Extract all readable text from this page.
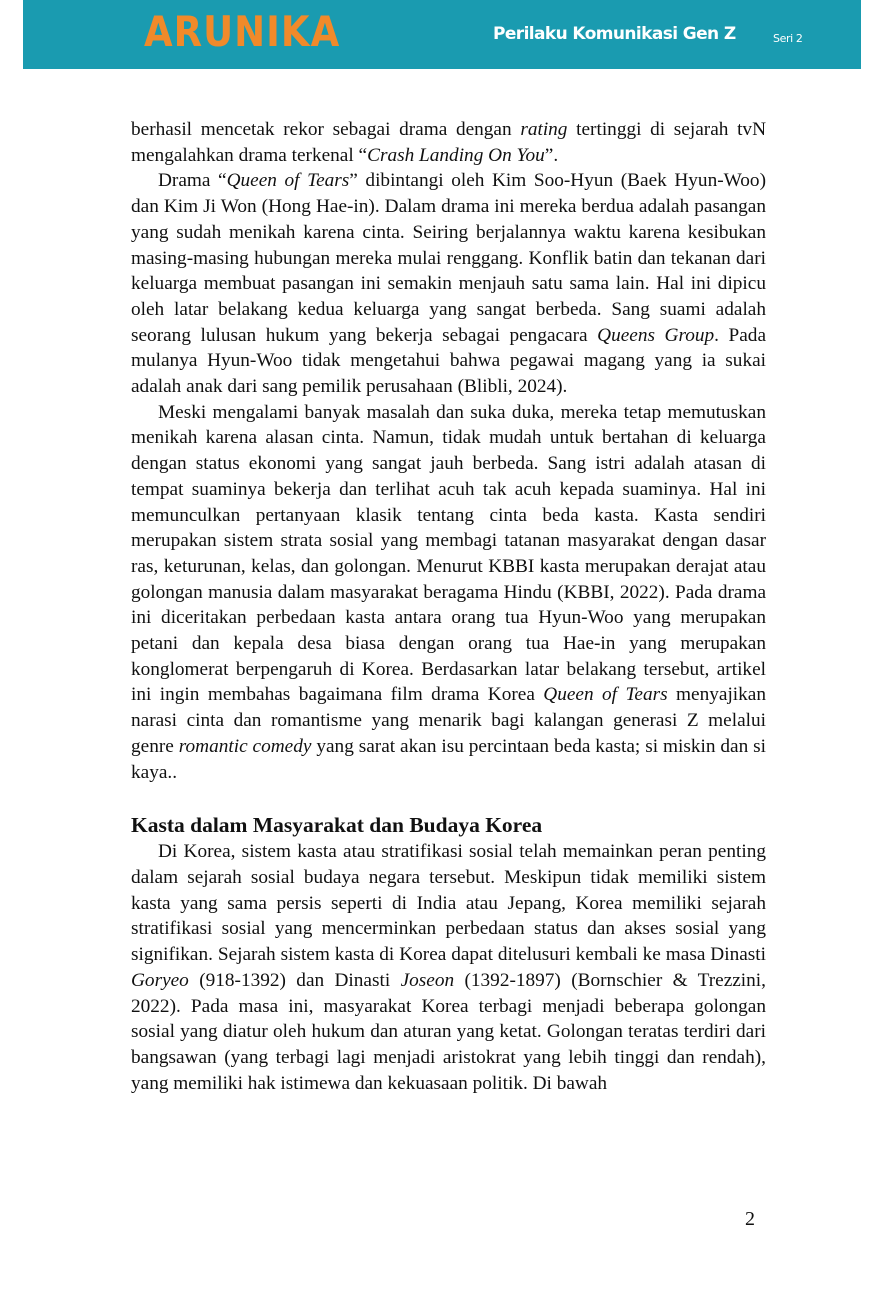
ARUNIKA	Perilaku Komunikasi Gen Z	Seri 2

berhasil mencetak rekor sebagai drama dengan rating tertinggi di sejarah tvN mengalahkan drama terkenal “Crash Landing On You”.

Drama “Queen of Tears” dibintangi oleh Kim Soo-Hyun (Baek Hyun-Woo) dan Kim Ji Won (Hong Hae-in). Dalam drama ini mereka berdua adalah pasangan yang sudah menikah karena cinta. Seiring berjalannya waktu karena kesibukan masing-masing hubungan mereka mulai renggang. Konflik batin dan tekanan dari keluarga membuat pasangan ini semakin menjauh satu sama lain. Hal ini dipicu oleh latar belakang kedua keluarga yang sangat berbeda. Sang suami adalah seorang lulusan hukum yang bekerja sebagai pengacara Queens Group. Pada mulanya Hyun-Woo tidak mengetahui bahwa pegawai magang yang ia sukai adalah anak dari sang pemilik perusahaan (Blibli, 2024).

Meski mengalami banyak masalah dan suka duka, mereka tetap memutuskan menikah karena alasan cinta. Namun, tidak mudah untuk bertahan di keluarga dengan status ekonomi yang sangat jauh berbeda. Sang istri adalah atasan di tempat suaminya bekerja dan terlihat acuh tak acuh kepada suaminya. Hal ini memunculkan pertanyaan klasik tentang cinta beda kasta. Kasta sendiri merupakan sistem strata sosial yang membagi tatanan masyarakat dengan dasar ras, keturunan, kelas, dan golongan. Menurut KBBI kasta merupakan derajat atau golongan manusia dalam masyarakat beragama Hindu (KBBI, 2022). Pada drama ini diceritakan perbedaan kasta antara orang tua Hyun-Woo yang merupakan petani dan kepala desa biasa dengan orang tua Hae-in yang merupakan konglomerat berpengaruh di Korea. Berdasarkan latar belakang tersebut, artikel ini ingin membahas bagaimana film drama Korea Queen of Tears menyajikan narasi cinta dan romantisme yang menarik bagi kalangan generasi Z melalui genre romantic comedy yang sarat akan isu percintaan beda kasta; si miskin dan si kaya..

Kasta dalam Masyarakat dan Budaya Korea

Di Korea, sistem kasta atau stratifikasi sosial telah memainkan peran penting dalam sejarah sosial budaya negara tersebut. Meskipun tidak memiliki sistem kasta yang sama persis seperti di India atau Jepang, Korea memiliki sejarah stratifikasi sosial yang mencerminkan perbedaan status dan akses sosial yang signifikan. Sejarah sistem kasta di Korea dapat ditelusuri kembali ke masa Dinasti Goryeo (918-1392) dan Dinasti Joseon (1392-1897) (Bornschier & Trezzini, 2022). Pada masa ini, masyarakat Korea terbagi menjadi beberapa golongan sosial yang diatur oleh hukum dan aturan yang ketat. Golongan teratas terdiri dari bangsawan (yang terbagi lagi menjadi aristokrat yang lebih tinggi dan rendah), yang memiliki hak istimewa dan kekuasaan politik. Di bawah

2
